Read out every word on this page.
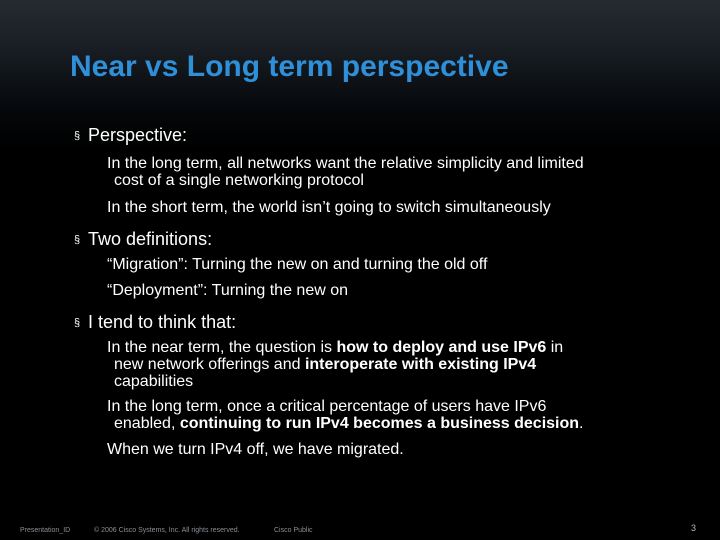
Near vs Long term perspective
§ Perspective:
In the long term, all networks want the relative simplicity and limited
cost of a single networking protocol
In the short term, the world isn’t going to switch simultaneously
§ Two definitions:
“Migration”: Turning the new on and turning the old off
“Deployment”: Turning the new on
§ I tend to think that:
In the near term, the question is how to deploy and use IPv6 in
new network offerings and interoperate with existing IPv4
capabilities
In the long term, once a critical percentage of users have IPv6
enabled, continuing to run IPv4 becomes a business decision.
When we turn IPv4 off, we have migrated.
Presentation_ID	© 2006 Cisco Systems, Inc. All rights reserved.	Cisco Public	3
